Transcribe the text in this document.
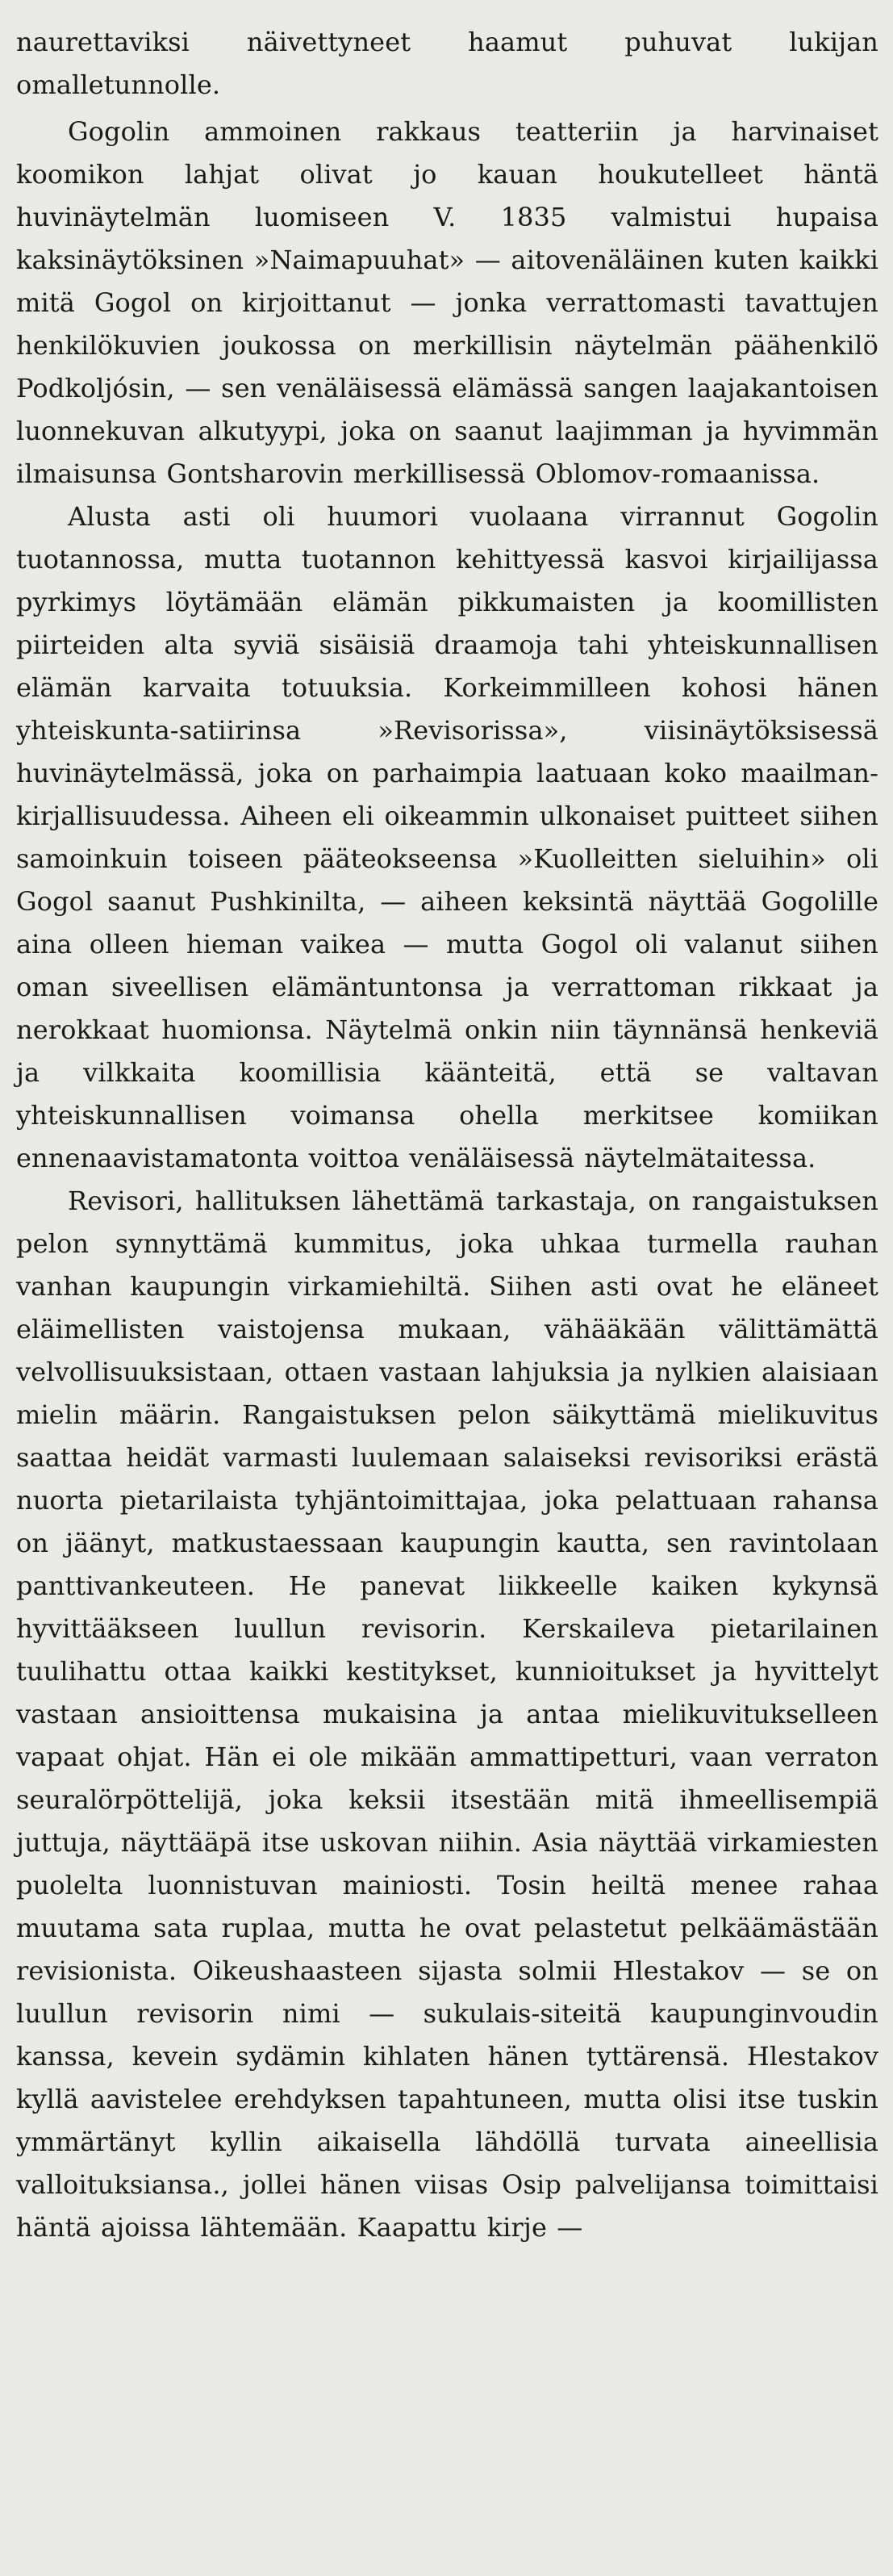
naurettaviksi näivettyneet haamut puhuvat lukijan omalletunnolle.

Gogolin ammoinen rakkaus teatteriin ja harvinaiset koomikon lahjat olivat jo kauan houkutelleet häntä huvinäytelmän luomiseen V. 1835 valmistui hupaisa kaksinäytöksinen »Naimapuuhat» — aitovenäläinen kuten kaikki mitä Gogol on kirjoittanut — jonka verrattomasti tavattujen henkilökuvien joukossa on merkillisin näytelmän päähenkilö Podkoljósin, — sen venäläisessä elämässä sangen laajakantoisen luonnekuvan alkutyypi, joka on saanut laajimman ja hyvimmän ilmaisunsa Gontsharovin merkillisessä Oblomov-romaanissa.

Alusta asti oli huumori vuolaana virrannut Gogolin tuotannossa, mutta tuotannon kehittyessä kasvoi kirjailijassa pyrkimys löytämään elämän pikkumaisten ja koomillisten piirteiden alta syviä sisäisiä draamoja tahi yhteiskunnallisen elämän karvaita totuuksia. Korkeimmilleen kohosi hänen yhteiskunta-satiirinsa »Revisorissa», viisinäytöksisessä huvinäytelmässä, joka on parhaimpia laatuaan koko maailman-kirjallisuudessa. Aiheen eli oikeammin ulkonaiset puitteet siihen samoinkuin toiseen pääteokseensa »Kuolleitten sieluihin» oli Gogol saanut Pushkinilta, — aiheen keksintä näyttää Gogolille aina olleen hieman vaikea — mutta Gogol oli valanut siihen oman siveellisen elämäntuntonsa ja verrattoman rikkaat ja nerokkaat huomionsa. Näytelmä onkin niin täynnänsä henkeviä ja vilkkaita koomillisia käänteitä, että se valtavan yhteiskunnallisen voimansa ohella merkitsee komiikan ennenaavistamatonta voittoa venäläisessä näytelmätaitessa.

Revisori, hallituksen lähettämä tarkastaja, on rangaistuksen pelon synnyttämä kummitus, joka uhkaa turmella rauhan vanhan kaupungin virkamiehiltä. Siihen asti ovat he eläneet eläimellisten vaistojensa mukaan, vähääkään välittämättä velvollisuuksistaan, ottaen vastaan lahjuksia ja nylkien alaisiaan mielin määrin. Rangaistuksen pelon säikyttämä mielikuvitus saattaa heidät varmasti luulemaan salaiseksi revisoriksi erästä nuorta pietarilaista tyhjäntoimittajaa, joka pelattuaan rahansa on jäänyt, matkustaessaan kaupungin kautta, sen ravintolaan panttivankeuteen. He panevat liikkeelle kaiken kykynsä hyvittääkseen luullun revisorin. Kerskaileva pietarilainen tuulihattu ottaa kaikki kestitykset, kunnioitukset ja hyvittelyt vastaan ansioittensa mukaisina ja antaa mielikuvitukselleen vapaat ohjat. Hän ei ole mikään ammattipetturi, vaan verraton seuralörpöttelijä, joka keksii itsestään mitä ihmeellisempiä juttuja, näyttääpä itse uskovan niihin. Asia näyttää virkamiesten puolelta luonnistuvan mainiosti. Tosin heiltä menee rahaa muutama sata ruplaa, mutta he ovat pelastetut pelkäämästään revisionista. Oikeushaasteen sijasta solmii Hlestakov — se on luullun revisorin nimi — sukulais-siteitä kaupunginvoudin kanssa, kevein sydämin kihlaten hänen tyttärensä. Hlestakov kyllä aavistelee erehdyksen tapahtuneen, mutta olisi itse tuskin ymmärtänyt kyllin aikaisella lähdöllä turvata aineellisia valloituksiansa., jollei hänen viisas Osip palvelijansa toimittaisi häntä ajoissa lähtemään. Kaapattu kirje —
